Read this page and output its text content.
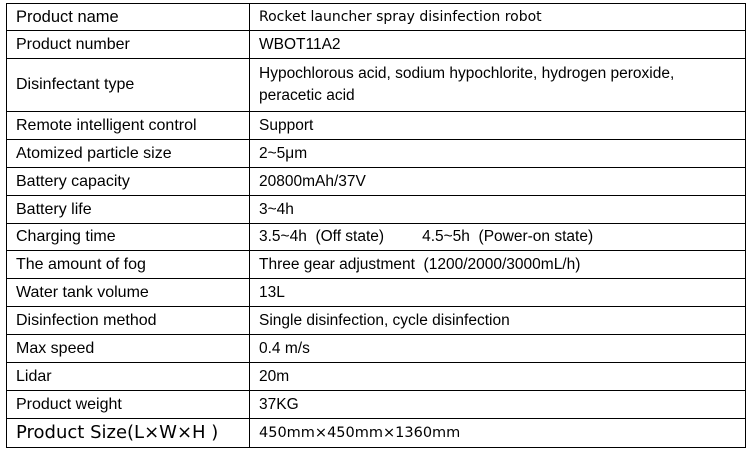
Product name	Rocket launcher spray disinfection robot
Product number	WBOT11A2
Disinfectant type	Hypochlorous acid, sodium hypochlorite, hydrogen peroxide,
peracetic acid
Remote intelligent control	Support
Atomized particle size	2~5μm
Battery capacity	20800mAh/37V
Battery life	3~4h
Charging time	3.5~4h  (Off state) 4.5~5h  (Power-on state)
The amount of fog	Three gear adjustment  (1200/2000/3000mL/h)
Water tank volume	13L
Disinfection method	Single disinfection, cycle disinfection
Max speed	0.4 m/s
Lidar	20m
Product weight	37KG
Product Size(L×W×H )	450mm×450mm×1360mm
